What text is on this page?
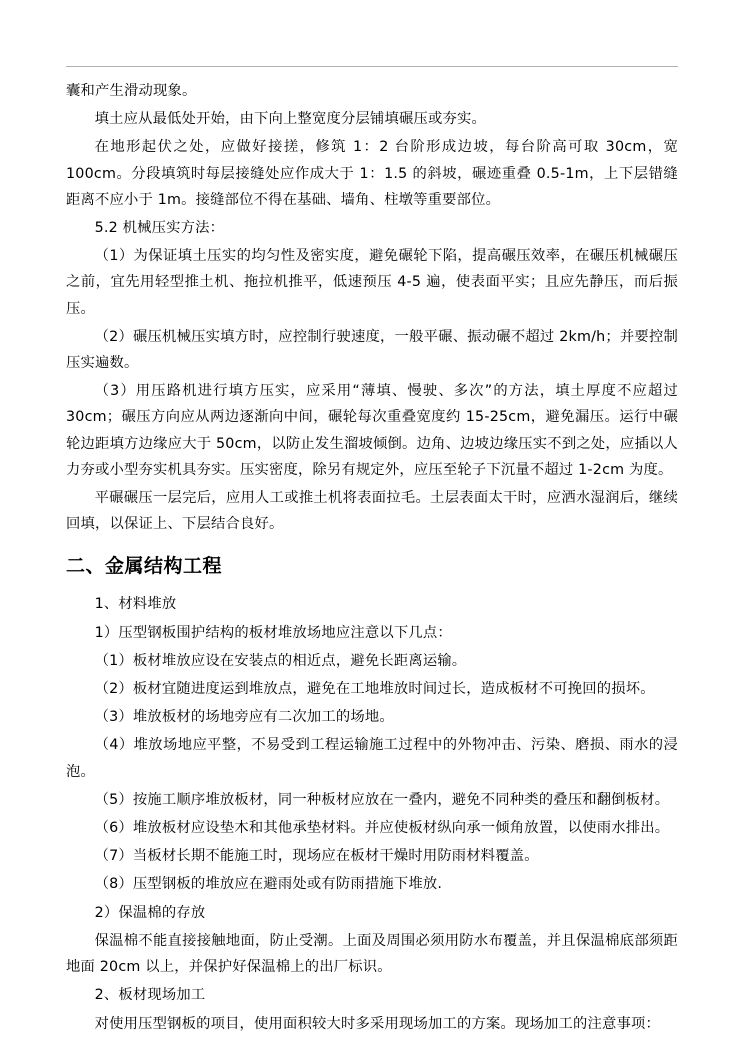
囊和产生滑动现象。

填土应从最低处开始，由下向上整宽度分层铺填碾压或夯实。

在地形起伏之处，应做好接搓，修筑 1：2 台阶形成边坡，每台阶高可取 30cm，宽 100cm。分段填筑时每层接缝处应作成大于 1：1.5 的斜坡，碾迹重叠 0.5-1m，上下层错缝距离不应小于 1m。接缝部位不得在基础、墙角、柱墩等重要部位。

5.2 机械压实方法：

（1）为保证填土压实的均匀性及密实度，避免碾轮下陷，提高碾压效率，在碾压机械碾压之前，宜先用轻型推土机、拖拉机推平，低速预压 4-5 遍，使表面平实；且应先静压，而后振压。

（2）碾压机械压实填方时，应控制行驶速度，一般平碾、振动碾不超过 2km/h；并要控制压实遍数。

（3）用压路机进行填方压实，应采用“薄填、慢驶、多次”的方法，填土厚度不应超过 30cm；碾压方向应从两边逐渐向中间，碾轮每次重叠宽度约 15-25cm，避免漏压。运行中碾轮边距填方边缘应大于 50cm，以防止发生溜坡倾倒。边角、边坡边缘压实不到之处，应插以人力夯或小型夯实机具夯实。压实密度，除另有规定外，应压至轮子下沉量不超过 1-2cm 为度。

平碾碾压一层完后，应用人工或推土机将表面拉毛。土层表面太干时，应洒水湿润后，继续回填，以保证上、下层结合良好。

二、金属结构工程

1、材料堆放

1）压型钢板围护结构的板材堆放场地应注意以下几点：

（1）板材堆放应设在安装点的相近点，避免长距离运输。

（2）板材宜随进度运到堆放点，避免在工地堆放时间过长，造成板材不可挽回的损坏。

（3）堆放板材的场地旁应有二次加工的场地。

（4）堆放场地应平整，不易受到工程运输施工过程中的外物冲击、污染、磨损、雨水的浸泡。

（5）按施工顺序堆放板材，同一种板材应放在一叠内，避免不同种类的叠压和翻倒板材。

（6）堆放板材应设垫木和其他承垫材料。并应使板材纵向承一倾角放置，以使雨水排出。

（7）当板材长期不能施工时，现场应在板材干燥时用防雨材料覆盖。

（8）压型钢板的堆放应在避雨处或有防雨措施下堆放.

2）保温棉的存放

保温棉不能直接接触地面，防止受潮。上面及周围必须用防水布覆盖，并且保温棉底部须距地面 20cm 以上，并保护好保温棉上的出厂标识。

2、板材现场加工

对使用压型钢板的项目，使用面积较大时多采用现场加工的方案。现场加工的注意事项：
